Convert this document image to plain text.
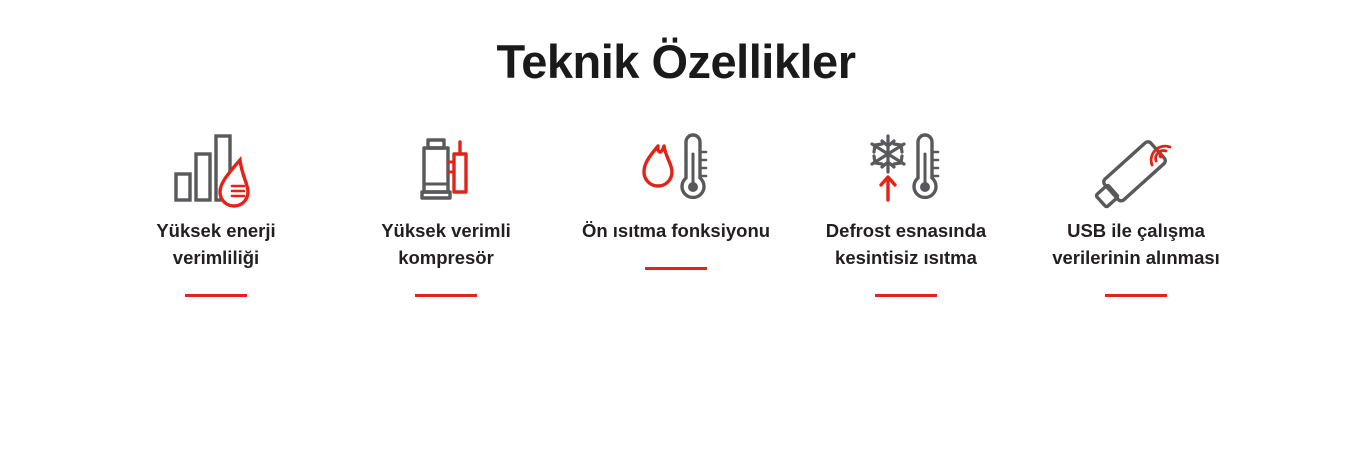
Teknik Özellikler
Yüksek enerji
verimliliği
Yüksek verimli
kompresör
Ön ısıtma fonksiyonu	Defrost esnasında
kesintisiz ısıtma
USB ile çalışma
verilerinin alınması
